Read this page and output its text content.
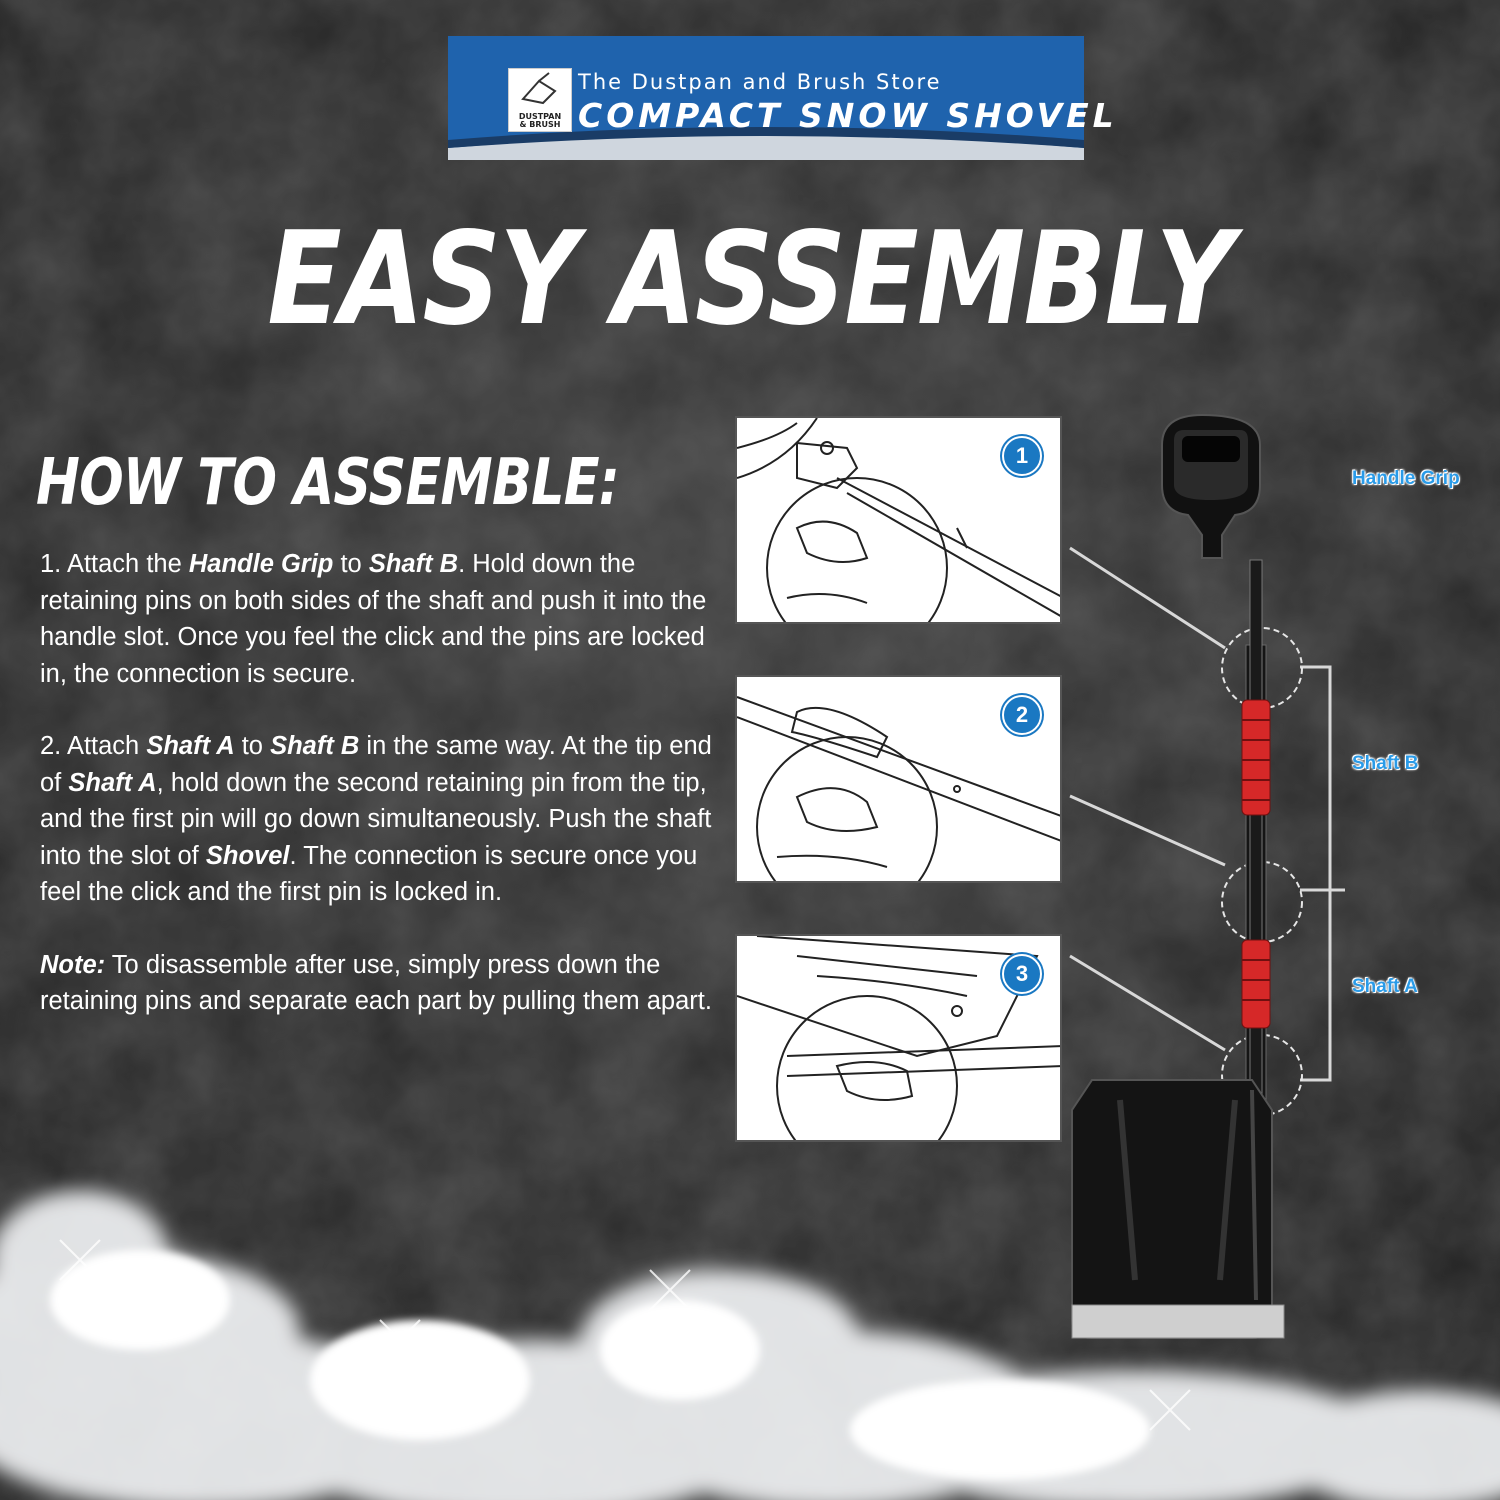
DUSTPAN
& BRUSH
The Dustpan and Brush Store
COMPACT SNOW SHOVEL
EASY ASSEMBLY
HOW TO ASSEMBLE:

1. Attach the Handle Grip to Shaft B. Hold down the retaining pins on both sides of the shaft and push it into the handle slot. Once you feel the click and the pins are locked in, the connection is secure.

2. Attach Shaft A to Shaft B in the same way. At the tip end of Shaft A, hold down the second retaining pin from the tip, and the first pin will go down simultaneously. Push the shaft into the slot of Shovel. The connection is secure once you feel the click and the first pin is locked in.

Note: To disassemble after use, simply press down the retaining pins and separate each part by pulling them apart.

1
2
3
Handle Grip
Shaft B
Shaft A
